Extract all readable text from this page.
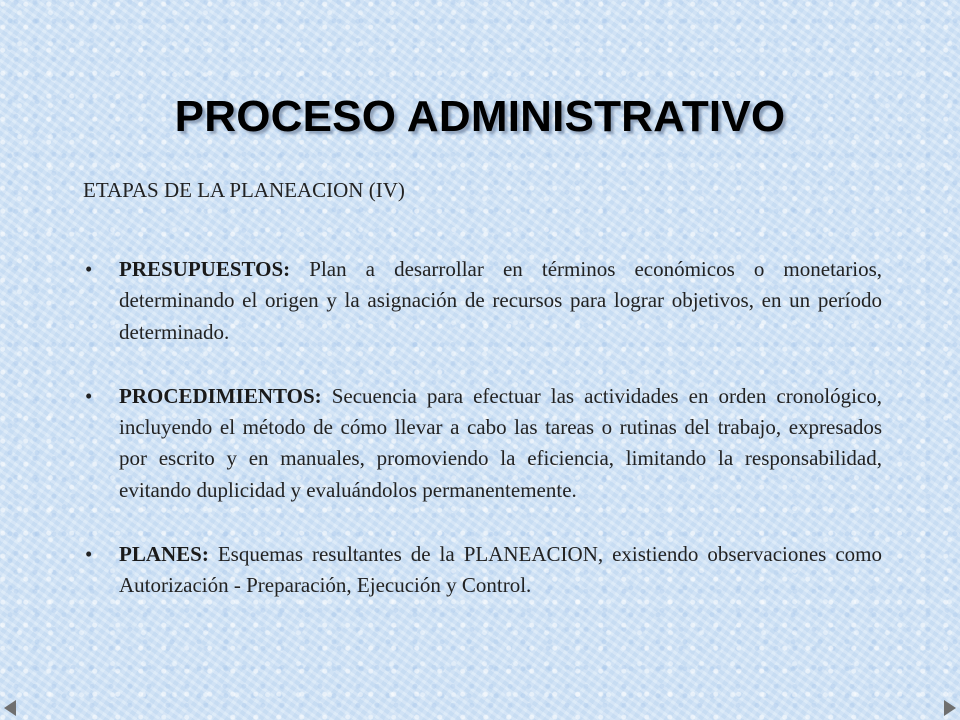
PROCESO ADMINISTRATIVO

ETAPAS DE LA PLANEACION (IV)

• PRESUPUESTOS: Plan a desarrollar en términos económicos o monetarios, determinando el origen y la asignación de recursos para lograr objetivos, en un período determinado.
• PROCEDIMIENTOS: Secuencia para efectuar las actividades en orden cronológico, incluyendo el método de cómo llevar a cabo las tareas o rutinas del trabajo, expresados por escrito y en manuales, promoviendo la eficiencia, limitando la responsabilidad, evitando duplicidad y evaluándolos permanentemente.
• PLANES: Esquemas resultantes de la PLANEACION, existiendo observaciones como Autorización - Preparación, Ejecución y Control.
